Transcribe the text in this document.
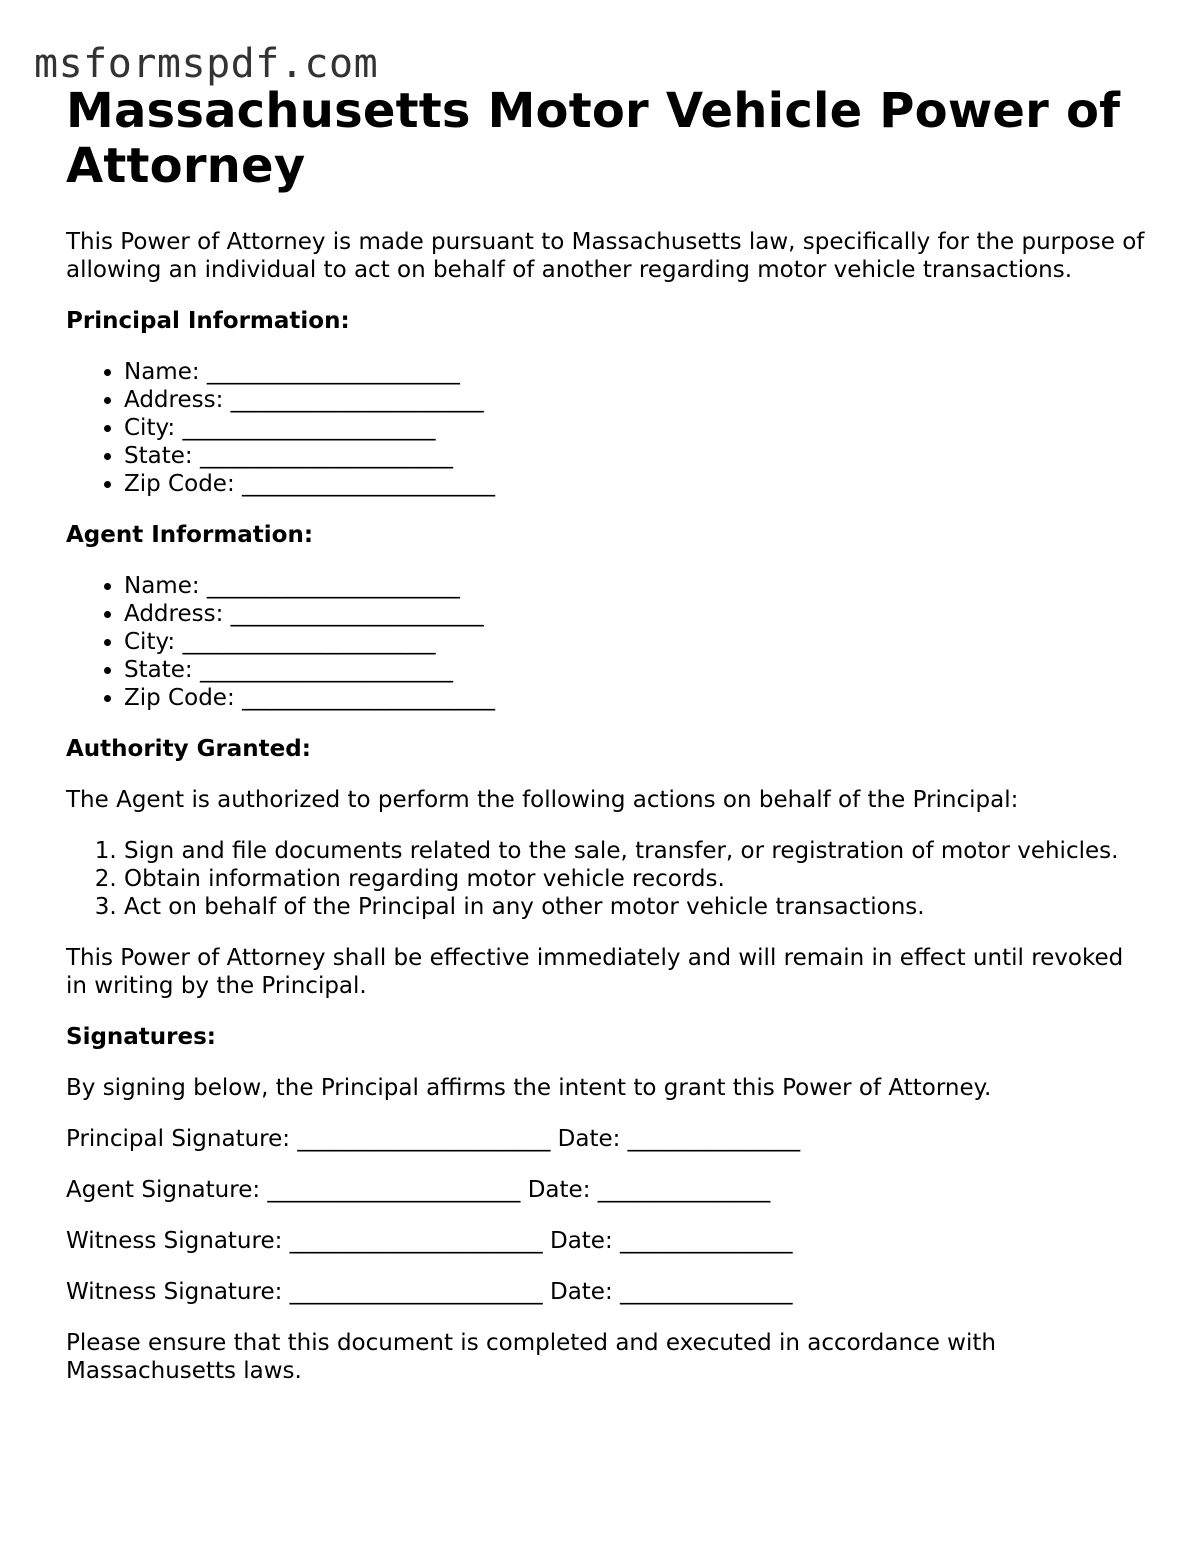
msformspdf.com
Massachusetts Motor Vehicle Power of Attorney

This Power of Attorney is made pursuant to Massachusetts law, specifically for the purpose of allowing an individual to act on behalf of another regarding motor vehicle transactions.

Principal Information:
• Name: ______________________
• Address: ______________________
• City: ______________________
• State: ______________________
• Zip Code: ______________________
Agent Information:
• Name: ______________________
• Address: ______________________
• City: ______________________
• State: ______________________
• Zip Code: ______________________
Authority Granted:

The Agent is authorized to perform the following actions on behalf of the Principal:

1. Sign and file documents related to the sale, transfer, or registration of motor vehicles.
2. Obtain information regarding motor vehicle records.
3. Act on behalf of the Principal in any other motor vehicle transactions.

This Power of Attorney shall be effective immediately and will remain in effect until revoked in writing by the Principal.

Signatures:

By signing below, the Principal affirms the intent to grant this Power of Attorney.

Principal Signature: ______________________ Date: _______________
Agent Signature: ______________________ Date: _______________
Witness Signature: ______________________ Date: _______________
Witness Signature: ______________________ Date: _______________

Please ensure that this document is completed and executed in accordance with Massachusetts laws.
